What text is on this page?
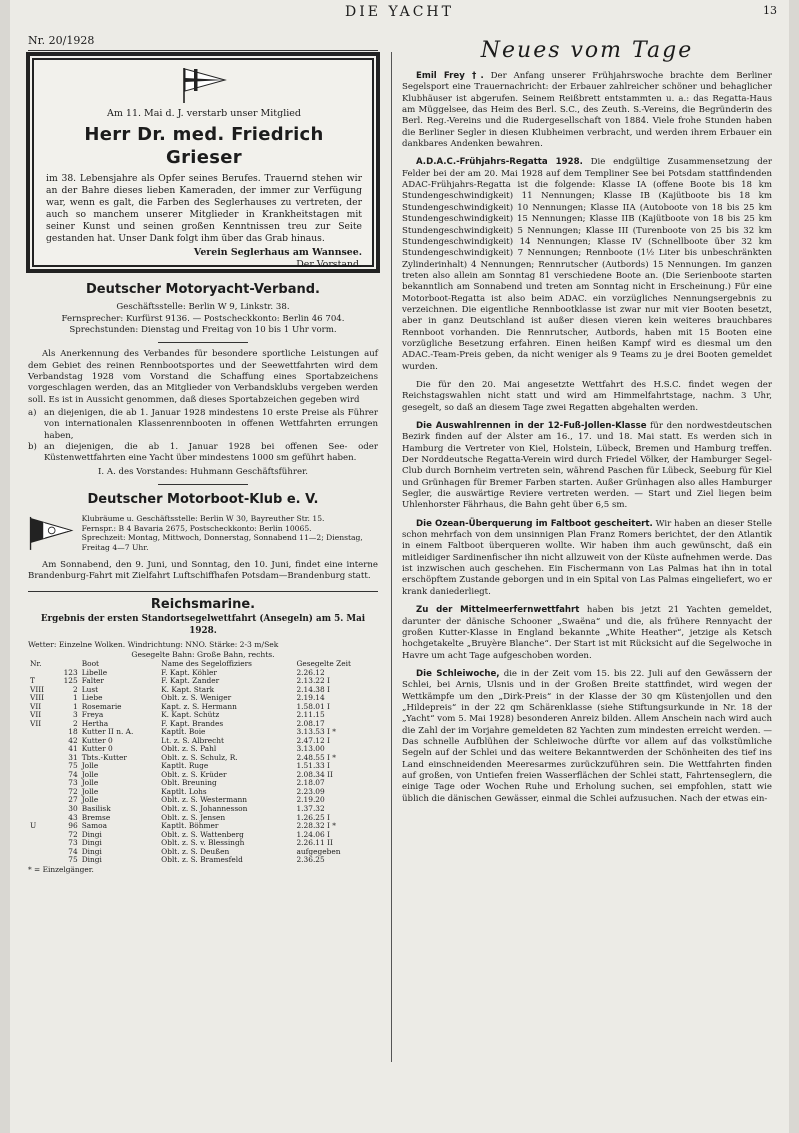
DIE YACHT	13
Nr. 20/1928
Am 11. Mai d. J. verstarb unser Mitglied
Herr Dr. med. Friedrich Grieser
im 38. Lebensjahre als Opfer seines Berufes. Trauernd stehen wir an der Bahre dieses lieben Kameraden, der immer zur Verfügung war, wenn es galt, die Farben des Seglerhauses zu vertreten, der auch so manchem unserer Mitglieder in Krankheitstagen mit seiner Kunst und seinen großen Kenntnissen treu zur Seite gestanden hat. Unser Dank folgt ihm über das Grab hinaus.
Verein Seglerhaus am Wannsee.
Der Vorstand.
Deutscher Motoryacht-Verband.
Geschäftsstelle: Berlin W 9, Linkstr. 38.
Fernsprecher: Kurfürst 9136. — Postscheckkonto: Berlin 46 704.
Sprechstunden: Dienstag und Freitag von 10 bis 1 Uhr vorm.

Als Anerkennung des Verbandes für besondere sportliche Leistungen auf dem Gebiet des reinen Rennbootsportes und der Seewettfahrten wird dem Verbandstag 1928 vom Vorstand die Schaffung eines Sportabzeichens vorgeschlagen werden, das an Mitglieder von Verbandsklubs vergeben werden soll. Es ist in Aussicht genommen, daß dieses Sportabzeichen gegeben wird

a) an diejenigen, die ab 1. Januar 1928 mindestens 10 erste Preise als Führer von internationalen Klassenrennbooten in offenen Wettfahrten errungen haben,
b) an diejenigen, die ab 1. Januar 1928 bei offenen See- oder Küstenwettfahrten eine Yacht über mindestens 1000 sm geführt haben.
I. A. des Vorstandes: Huhmann Geschäftsführer.
Deutscher Motorboot-Klub e. V.
Klubräume u. Geschäftsstelle: Berlin W 30, Bayreuther Str. 15.
Fernspr.: B 4 Bavaria 2675, Postscheckkonto: Berlin 10065.
Sprechzeit: Montag, Mittwoch, Donnerstag, Sonnabend 11—2; Dienstag, Freitag 4—7 Uhr.

Am Sonnabend, den 9. Juni, und Sonntag, den 10. Juni, findet eine interne Brandenburg-Fahrt mit Zielfahrt Luftschiffhafen Potsdam—Brandenburg statt.

Reichsmarine.
Ergebnis der ersten Standortsegelwettfahrt (Ansegeln) am 5. Mai 1928.
Wetter: Einzelne Wolken. Windrichtung: NNO. Stärke: 2-3 m/Sek
Gesegelte Bahn: Große Bahn, rechts.
Nr.		Boot	Name des Segeloffiziers	Gesegelte Zeit
	123	Libelle	F. Kapt. Köhler	2.26.12
T	125	Falter	F. Kapt. Zander	2.13.22 I
VIII	2	Lust	K. Kapt. Stark	2.14.38 I
VIII	1	Liebe	Oblt. z. S. Weniger	2.19.14
VII	1	Rosemarie	Kapt. z. S. Hermann	1.58.01 I
VII	3	Freya	K. Kapt. Schütz	2.11.15
VII	2	Hertha	F. Kapt. Brandes	2.08.17
	18	Kutter II n. A.	Kaptlt. Boie	3.13.53 I *
	42	Kutter 0	Lt. z. S. Albrecht	2.47.12 I
	41	Kutter 0	Oblt. z. S. Pahl	3.13.00
	31	Tbts.-Kutter	Oblt. z. S. Schulz, R.	2.48.55 I *
	75	Jolle	Kaptlt. Ruge	1.51.33 I
	74	Jolle	Oblt. z. S. Krüder	2.08.34 II
	73	Jolle	Oblt. Breuning	2.18.07
	72	Jolle	Kaptlt. Lohs	2.23.09
	27	Jolle	Oblt. z. S. Westermann	2.19.20
	30	Basilisk	Oblt. z. S. Johannesson	1.37.32
	43	Bremse	Oblt. z. S. Jensen	1.26.25 I
U	96	Samoa	Kaptlt. Böhmer	2.28.32 I *
	72	Dingi	Oblt. z. S. Wattenberg	1.24.06 I
	73	Dingi	Oblt. z. S. v. Blessingh	2.26.11 II
	74	Dingi	Oblt. z. S. Deußen	aufgegeben
	75	Dingi	Oblt. z. S. Bramesfeld	2.36.25
* = Einzelgänger.
Neues vom Tage

Emil Frey †. Der Anfang unserer Frühjahrswoche brachte dem Berliner Segelsport eine Trauernachricht: der Erbauer zahlreicher schöner und behaglicher Klubhäuser ist abgerufen. Seinem Reißbrett entstammten u. a.: das Regatta-Haus am Müggelsee, das Heim des Berl. S.C., des Zeuth. S.-Vereins, die Begründerin des Berl. Reg.-Vereins und die Rudergesellschaft von 1884. Viele frohe Stunden haben die Berliner Segler in diesen Klubheimen verbracht, und werden ihrem Erbauer ein dankbares Andenken bewahren.

A.D.A.C.-Frühjahrs-Regatta 1928. Die endgültige Zusammensetzung der Felder bei der am 20. Mai 1928 auf dem Templiner See bei Potsdam stattfindenden ADAC-Frühjahrs-Regatta ist die folgende: Klasse IA (offene Boote bis 18 km Stundengeschwindigkeit) 11 Nennungen; Klasse IB (Kajütboote bis 18 km Stundengeschwindigkeit) 10 Nennungen; Klasse IIA (Autoboote von 18 bis 25 km Stundengeschwindigkeit) 15 Nennungen; Klasse IIB (Kajütboote von 18 bis 25 km Stundengeschwindigkeit) 5 Nennungen; Klasse III (Turenboote von 25 bis 32 km Stundengeschwindigkeit) 14 Nennungen; Klasse IV (Schnellboote über 32 km Stundengeschwindigkeit) 7 Nennungen; Rennboote (1½ Liter bis unbeschränkten Zylinderinhalt) 4 Nennungen; Rennrutscher (Autbords) 15 Nennungen. Im ganzen treten also allein am Sonntag 81 verschiedene Boote an. (Die Serienboote starten bekanntlich am Sonnabend und treten am Sonntag nicht in Erscheinung.) Für eine Motorboot-Regatta ist also beim ADAC. ein vorzügliches Nennungsergebnis zu verzeichnen. Die eigentliche Rennbootklasse ist zwar nur mit vier Booten besetzt, aber in ganz Deutschland ist außer diesen vieren kein weiteres brauchbares Rennboot vorhanden. Die Rennrutscher, Autbords, haben mit 15 Booten eine vorzügliche Besetzung erfahren. Einen heißen Kampf wird es diesmal um den ADAC.-Team-Preis geben, da nicht weniger als 9 Teams zu je drei Booten gemeldet wurden.

Die für den 20. Mai angesetzte Wettfahrt des H.S.C. findet wegen der Reichstagswahlen nicht statt und wird am Himmelfahrtstage, nachm. 3 Uhr, gesegelt, so daß an diesem Tage zwei Regatten abgehalten werden.

Die Auswahlrennen in der 12-Fuß-Jollen-Klasse für den nordwestdeutschen Bezirk finden auf der Alster am 16., 17. und 18. Mai statt. Es werden sich in Hamburg die Vertreter von Kiel, Holstein, Lübeck, Bremen und Hamburg treffen. Der Norddeutsche Regatta-Verein wird durch Friedel Völker, der Hamburger Segel-Club durch Bornheim vertreten sein, während Paschen für Lübeck, Seeburg für Kiel und Grünhagen für Bremer Farben starten. Außer Grünhagen also alles Hamburger Segler, die auswärtige Reviere vertreten werden. — Start und Ziel liegen beim Uhlenhorster Fährhaus, die Bahn geht über 6,5 sm.

Die Ozean-Überquerung im Faltboot gescheitert. Wir haben an dieser Stelle schon mehrfach von dem unsinnigen Plan Franz Romers berichtet, der den Atlantik in einem Faltboot überqueren wollte. Wir haben ihm auch gewünscht, daß ein mitleidiger Sardinenfischer ihn nicht allzuweit von der Küste aufnehmen werde. Das ist inzwischen auch geschehen. Ein Fischermann von Las Palmas hat ihn in total erschöpftem Zustande geborgen und in ein Spital von Las Palmas eingeliefert, wo er krank daniederliegt.

Zu der Mittelmeerfernwettfahrt haben bis jetzt 21 Yachten gemeldet, darunter der dänische Schooner „Swaëna“ und die, als frühere Rennyacht der großen Kutter-Klasse in England bekannte „White Heather“, jetzige als Ketsch hochgetakelte „Bruyère Blanche“. Der Start ist mit Rücksicht auf die Segelwoche in Havre um acht Tage aufgeschoben worden.

Die Schleiwoche, die in der Zeit vom 15. bis 22. Juli auf den Gewässern der Schlei, bei Arnis, Ulsnis und in der Großen Breite stattfindet, wird wegen der Wettkämpfe um den „Dirk-Preis“ in der Klasse der 30 qm Küstenjollen und den „Hildepreis“ in der 22 qm Schärenklasse (siehe Stiftungsurkunde in Nr. 18 der „Yacht“ vom 5. Mai 1928) besonderen Anreiz bilden. Allem Anschein nach wird auch die Zahl der im Vorjahre gemeldeten 82 Yachten zum mindesten erreicht werden. — Das schnelle Aufblühen der Schleiwoche dürfte vor allem auf das volkstümliche Segeln auf der Schlei und das weitere Bekanntwerden der Schönheiten des tief ins Land einschneidenden Meeresarmes zurückzuführen sein. Die Wettfahrten finden auf großen, von Untiefen freien Wasserflächen der Schlei statt, Fahrtenseglern, die einige Tage oder Wochen Ruhe und Erholung suchen, sei empfohlen, statt wie üblich die dänischen Gewässer, einmal die Schlei aufzusuchen. Nach der etwas ein-
